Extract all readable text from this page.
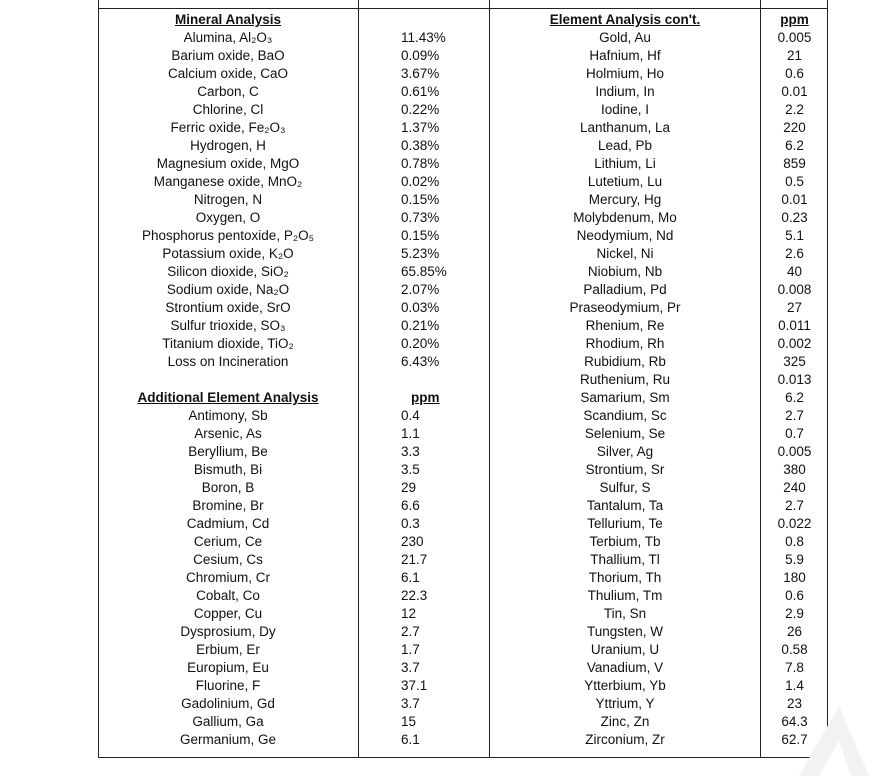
Mineral Analysis
Alumina, Al₂O₃
Barium oxide, BaO
Calcium oxide, CaO
Carbon, C
Chlorine, Cl
Ferric oxide, Fe₂O₃
Hydrogen, H
Magnesium oxide, MgO
Manganese oxide, MnO₂
Nitrogen, N
Oxygen, O
Phosphorus pentoxide, P₂O₅
Potassium oxide, K₂O
Silicon dioxide, SiO₂
Sodium oxide, Na₂O
Strontium oxide, SrO
Sulfur trioxide, SO₃
Titanium dioxide, TiO₂
Loss on Incineration
Additional Element Analysis
Antimony, Sb
Arsenic, As
Beryllium, Be
Bismuth, Bi
Boron, B
Bromine, Br
Cadmium, Cd
Cerium, Ce
Cesium, Cs
Chromium, Cr
Cobalt, Co
Copper, Cu
Dysprosium, Dy
Erbium, Er
Europium, Eu
Fluorine, F
Gadolinium, Gd
Gallium, Ga
Germanium, Ge
11.43%
0.09%
3.67%
0.61%
0.22%
1.37%
0.38%
0.78%
0.02%
0.15%
0.73%
0.15%
5.23%
65.85%
2.07%
0.03%
0.21%
0.20%
6.43%
ppm
0.4
1.1
3.3
3.5
29
6.6
0.3
230
21.7
6.1
22.3
12
2.7
1.7
3.7
37.1
3.7
15
6.1
Element Analysis con't.
Gold, Au
Hafnium, Hf
Holmium, Ho
Indium, In
Iodine, I
Lanthanum, La
Lead, Pb
Lithium, Li
Lutetium, Lu
Mercury, Hg
Molybdenum, Mo
Neodymium, Nd
Nickel, Ni
Niobium, Nb
Palladium, Pd
Praseodymium, Pr
Rhenium, Re
Rhodium, Rh
Rubidium, Rb
Ruthenium, Ru
Samarium, Sm
Scandium, Sc
Selenium, Se
Silver, Ag
Strontium, Sr
Sulfur, S
Tantalum, Ta
Tellurium, Te
Terbium, Tb
Thallium, Tl
Thorium, Th
Thulium, Tm
Tin, Sn
Tungsten, W
Uranium, U
Vanadium, V
Ytterbium, Yb
Yttrium, Y
Zinc, Zn
Zirconium, Zr
ppm
0.005
21
0.6
0.01
2.2
220
6.2
859
0.5
0.01
0.23
5.1
2.6
40
0.008
27
0.011
0.002
325
0.013
6.2
2.7
0.7
0.005
380
240
2.7
0.022
0.8
5.9
180
0.6
2.9
26
0.58
7.8
1.4
23
64.3
62.7
